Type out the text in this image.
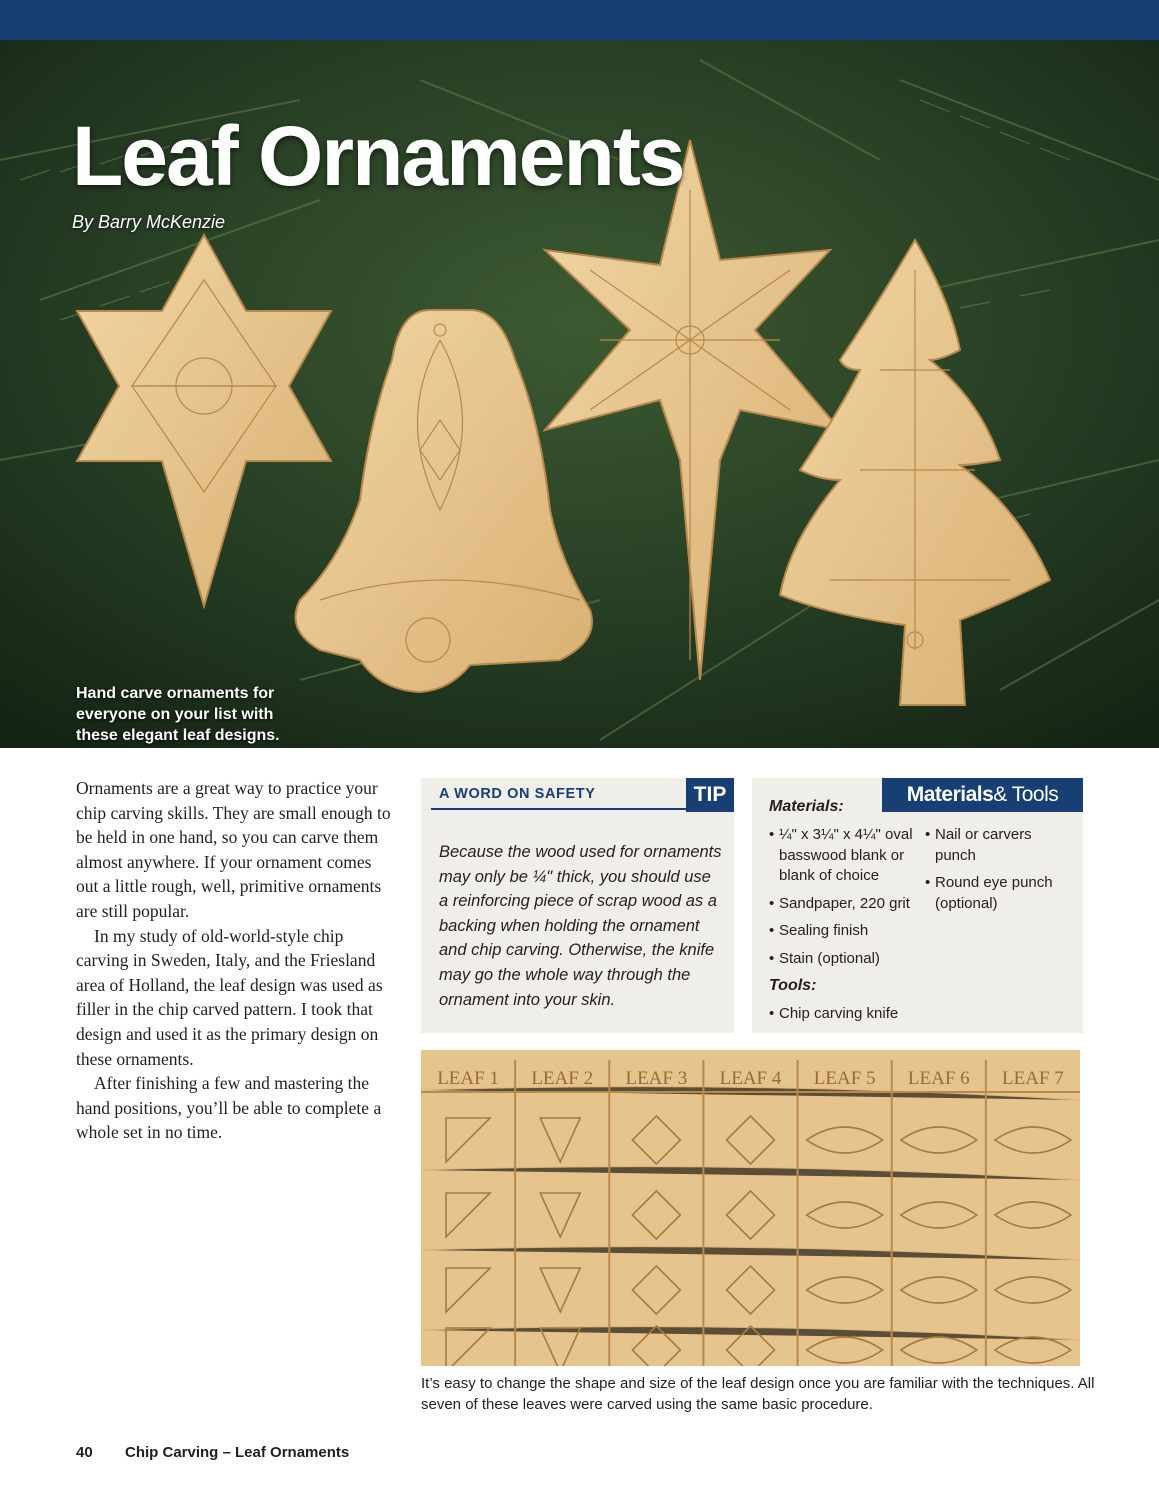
Leaf Ornaments
By Barry McKenzie
Hand carve ornaments for everyone on your list with these elegant leaf designs.

Ornaments are a great way to practice your chip carving skills. They are small enough to be held in one hand, so you can carve them almost anywhere. If your ornament comes out a little rough, well, primitive ornaments are still popular.

In my study of old-world-style chip carving in Sweden, Italy, and the Friesland area of Holland, the leaf design was used as filler in the chip carved pattern. I took that design and used it as the primary design on these ornaments.

After finishing a few and mastering the hand positions, you’ll be able to complete a whole set in no time.

A WORD ON SAFETY
Because the wood used for ornaments may only be ¼" thick, you should use a reinforcing piece of scrap wood as a backing when holding the ornament and chip carving. Otherwise, the knife may go the whole way through the ornament into your skin.
TIP
Materials:
• ¼" x 3¼" x 4¼" oval basswood blank or blank of choice
• Sandpaper, 220 grit
• Sealing finish
• Stain (optional)
• Nail or carvers punch
• Round eye punch (optional)
Tools:
• Chip carving knife
Materials& Tools
LEAF 1 LEAF 2 LEAF 3 LEAF 4 LEAF 5 LEAF 6 LEAF 7
It’s easy to change the shape and size of the leaf design once you are familiar with the techniques. All seven of these leaves were carved using the same basic procedure.
40 Chip Carving – Leaf Ornaments
